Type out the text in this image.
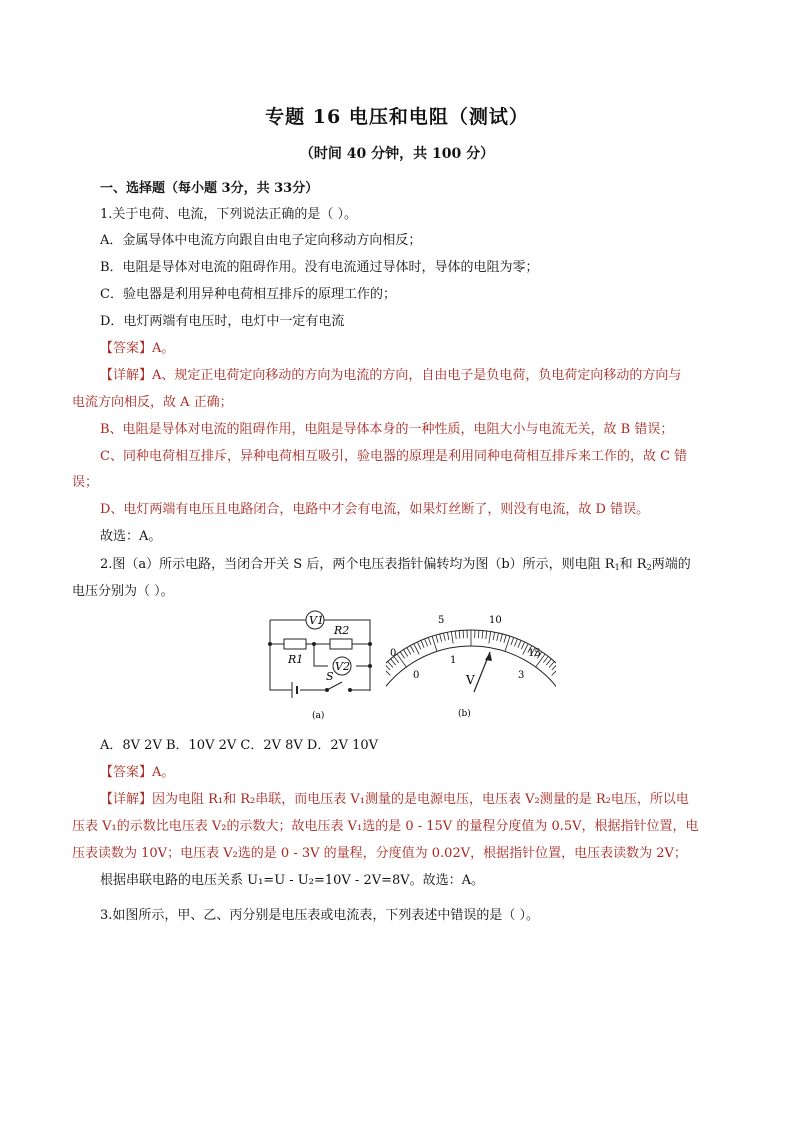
专题 16 电压和电阻（测试）
（时间 40 分钟，共 100 分）
一、选择题（每小题 3分，共 33分）
1.关于电荷、电流，下列说法正确的是（ ）。
A．金属导体中电流方向跟自由电子定向移动方向相反；
B．电阻是导体对电流的阻碍作用。没有电流通过导体时，导体的电阻为零；
C．验电器是利用异种电荷相互排斥的原理工作的；
D．电灯两端有电压时，电灯中一定有电流
【答案】A。
【详解】A、规定正电荷定向移动的方向为电流的方向，自由电子是负电荷，负电荷定向移动的方向与
电流方向相反，故 A 正确；
B、电阻是导体对电流的阻碍作用，电阻是导体本身的一种性质，电阻大小与电流无关，故 B 错误；
C、同种电荷相互排斥，异种电荷相互吸引，验电器的原理是利用同种电荷相互排斥来工作的，故 C 错
误；
D、电灯两端有电压且电路闭合，电路中才会有电流，如果灯丝断了，则没有电流，故 D 错误。
故选：A。
2.图（a）所示电路，当闭合开关 S 后，两个电压表指针偏转均为图（b）所示，则电阻 $R_1$和 $R_2$两端的
电压分别为（ ）。
V1
R2
R1
V2
S
(a)
0
5	10
15
0
1
3
V
(b)
A．8V 2V B．10V 2V C．2V 8V D．2V 10V
【答案】A。
【详解】因为电阻 R₁和 R₂串联，而电压表 V₁测量的是电源电压，电压表 V₂测量的是 R₂电压，所以电
压表 V₁的示数比电压表 V₂的示数大；故电压表 V₁选的是 0 - 15V 的量程分度值为 0.5V，根据指针位置，电
压表读数为 10V；电压表 V₂选的是 0 - 3V 的量程，分度值为 0.02V，根据指针位置，电压表读数为 2V；
根据串联电路的电压关系 U₁=U - U₂=10V - 2V=8V。故选：A。
3.如图所示，甲、乙、丙分别是电压表或电流表，下列表述中错误的是（ ）。
